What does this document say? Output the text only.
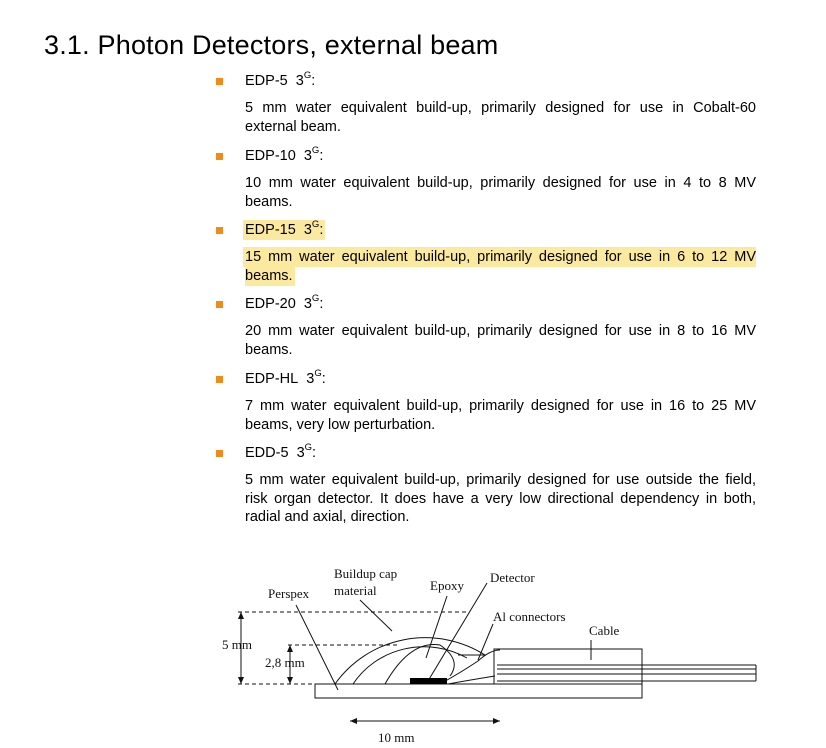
3.1. Photon Detectors, external beam
EDP-5 $3^G$:
5 mm water equivalent build-up, primarily designed for use in Cobalt-60 external beam.
EDP-10 $3^G$:
10 mm water equivalent build-up, primarily designed for use in 4 to 8 MV beams.
EDP-15 $3^G$:
15 mm water equivalent build-up, primarily designed for use in 6 to 12 MV beams.
EDP-20 $3^G$:
20 mm water equivalent build-up, primarily designed for use in 8 to 16 MV beams.
EDP-HL $3^G$:
7 mm water equivalent build-up, primarily designed for use in 16 to 25 MV beams, very low perturbation.
EDD-5 $3^G$:
5 mm water equivalent build-up, primarily designed for use outside the field, risk organ detector. It does have a very low directional dependency in both, radial and axial, direction.
Buildup cap
material
Perspex
Epoxy
Detector
Al connectors
Cable
5 mm
2,8 mm
10 mm
